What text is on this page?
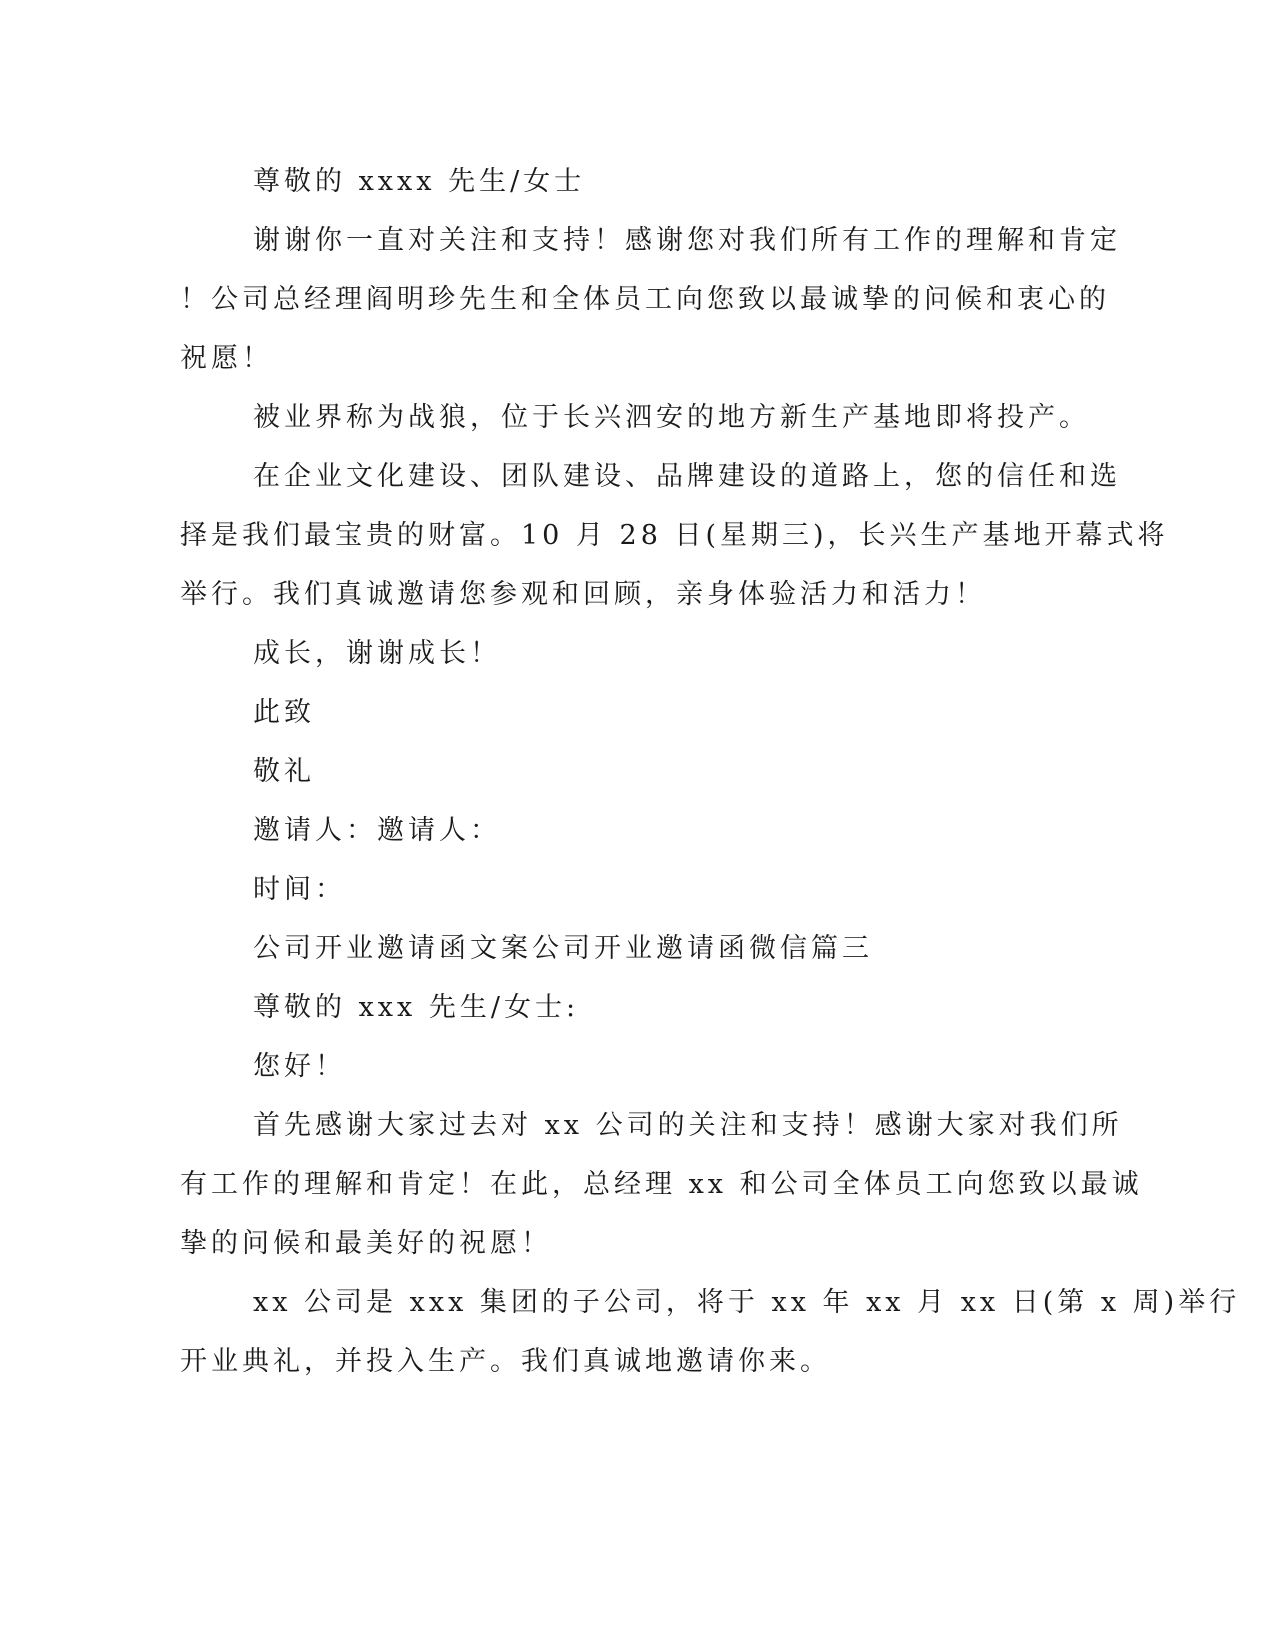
尊敬的 xxxx 先生/女士
谢谢你一直对关注和支持！感谢您对我们所有工作的理解和肯定
！公司总经理阎明珍先生和全体员工向您致以最诚挚的问候和衷心的
祝愿！
被业界称为战狼，位于长兴泗安的地方新生产基地即将投产。
在企业文化建设、团队建设、品牌建设的道路上，您的信任和选
择是我们最宝贵的财富。10 月 28 日(星期三)，长兴生产基地开幕式将
举行。我们真诚邀请您参观和回顾，亲身体验活力和活力！
成长，谢谢成长！
此致
敬礼
邀请人：邀请人：
时间：
公司开业邀请函文案公司开业邀请函微信篇三
尊敬的 xxx 先生/女士:
您好！
首先感谢大家过去对 xx 公司的关注和支持！感谢大家对我们所
有工作的理解和肯定！在此，总经理 xx 和公司全体员工向您致以最诚
挚的问候和最美好的祝愿！
xx 公司是 xxx 集团的子公司，将于 xx 年 xx 月 xx 日(第 x 周)举行
开业典礼，并投入生产。我们真诚地邀请你来。
